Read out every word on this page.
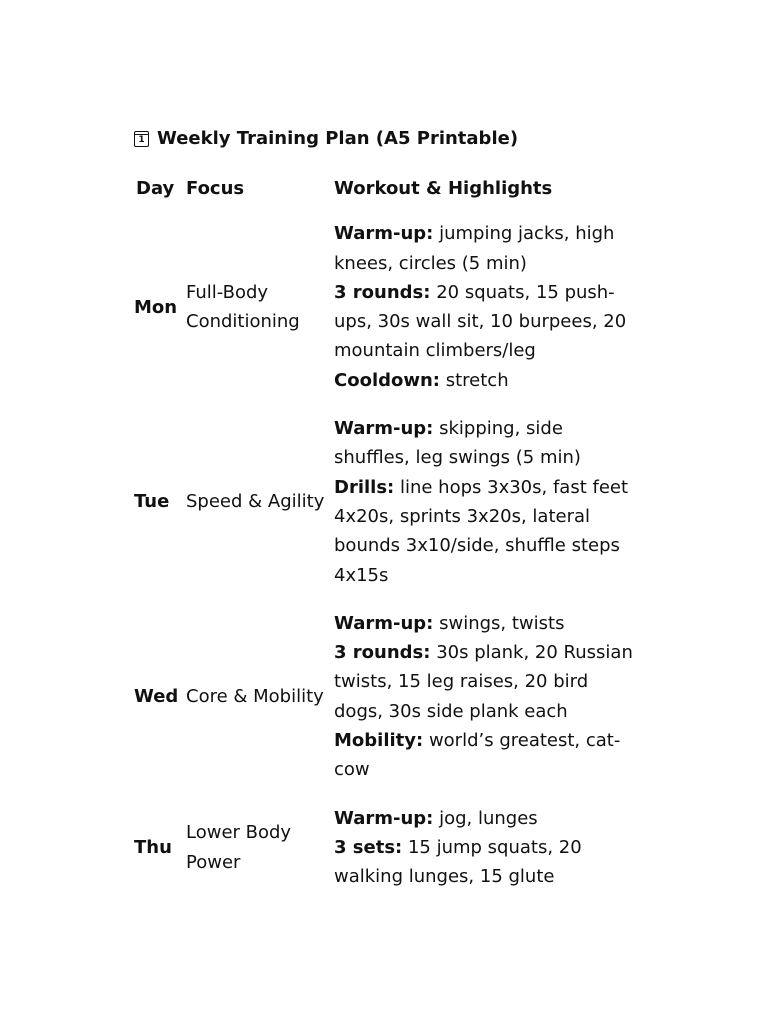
1 Weekly Training Plan (A5 Printable)
Day	Focus	Workout & Highlights
Mon	Full-Body Conditioning	Warm-up: jumping jacks, high knees, circles (5 min)
3 rounds: 20 squats, 15 push-ups, 30s wall sit, 10 burpees, 20 mountain climbers/leg
Cooldown: stretch

Tue	Speed & Agility	Warm-up: skipping, side shuffles, leg swings (5 min)
Drills: line hops 3x30s, fast feet 4x20s, sprints 3x20s, lateral bounds 3x10/side, shuffle steps 4x15s

Wed	Core & Mobility	Warm-up: swings, twists
3 rounds: 30s plank, 20 Russian twists, 15 leg raises, 20 bird dogs, 30s side plank each
Mobility: world’s greatest, cat-cow

Thu	Lower Body Power	Warm-up: jog, lunges
3 sets: 15 jump squats, 20 walking lunges, 15 glute
